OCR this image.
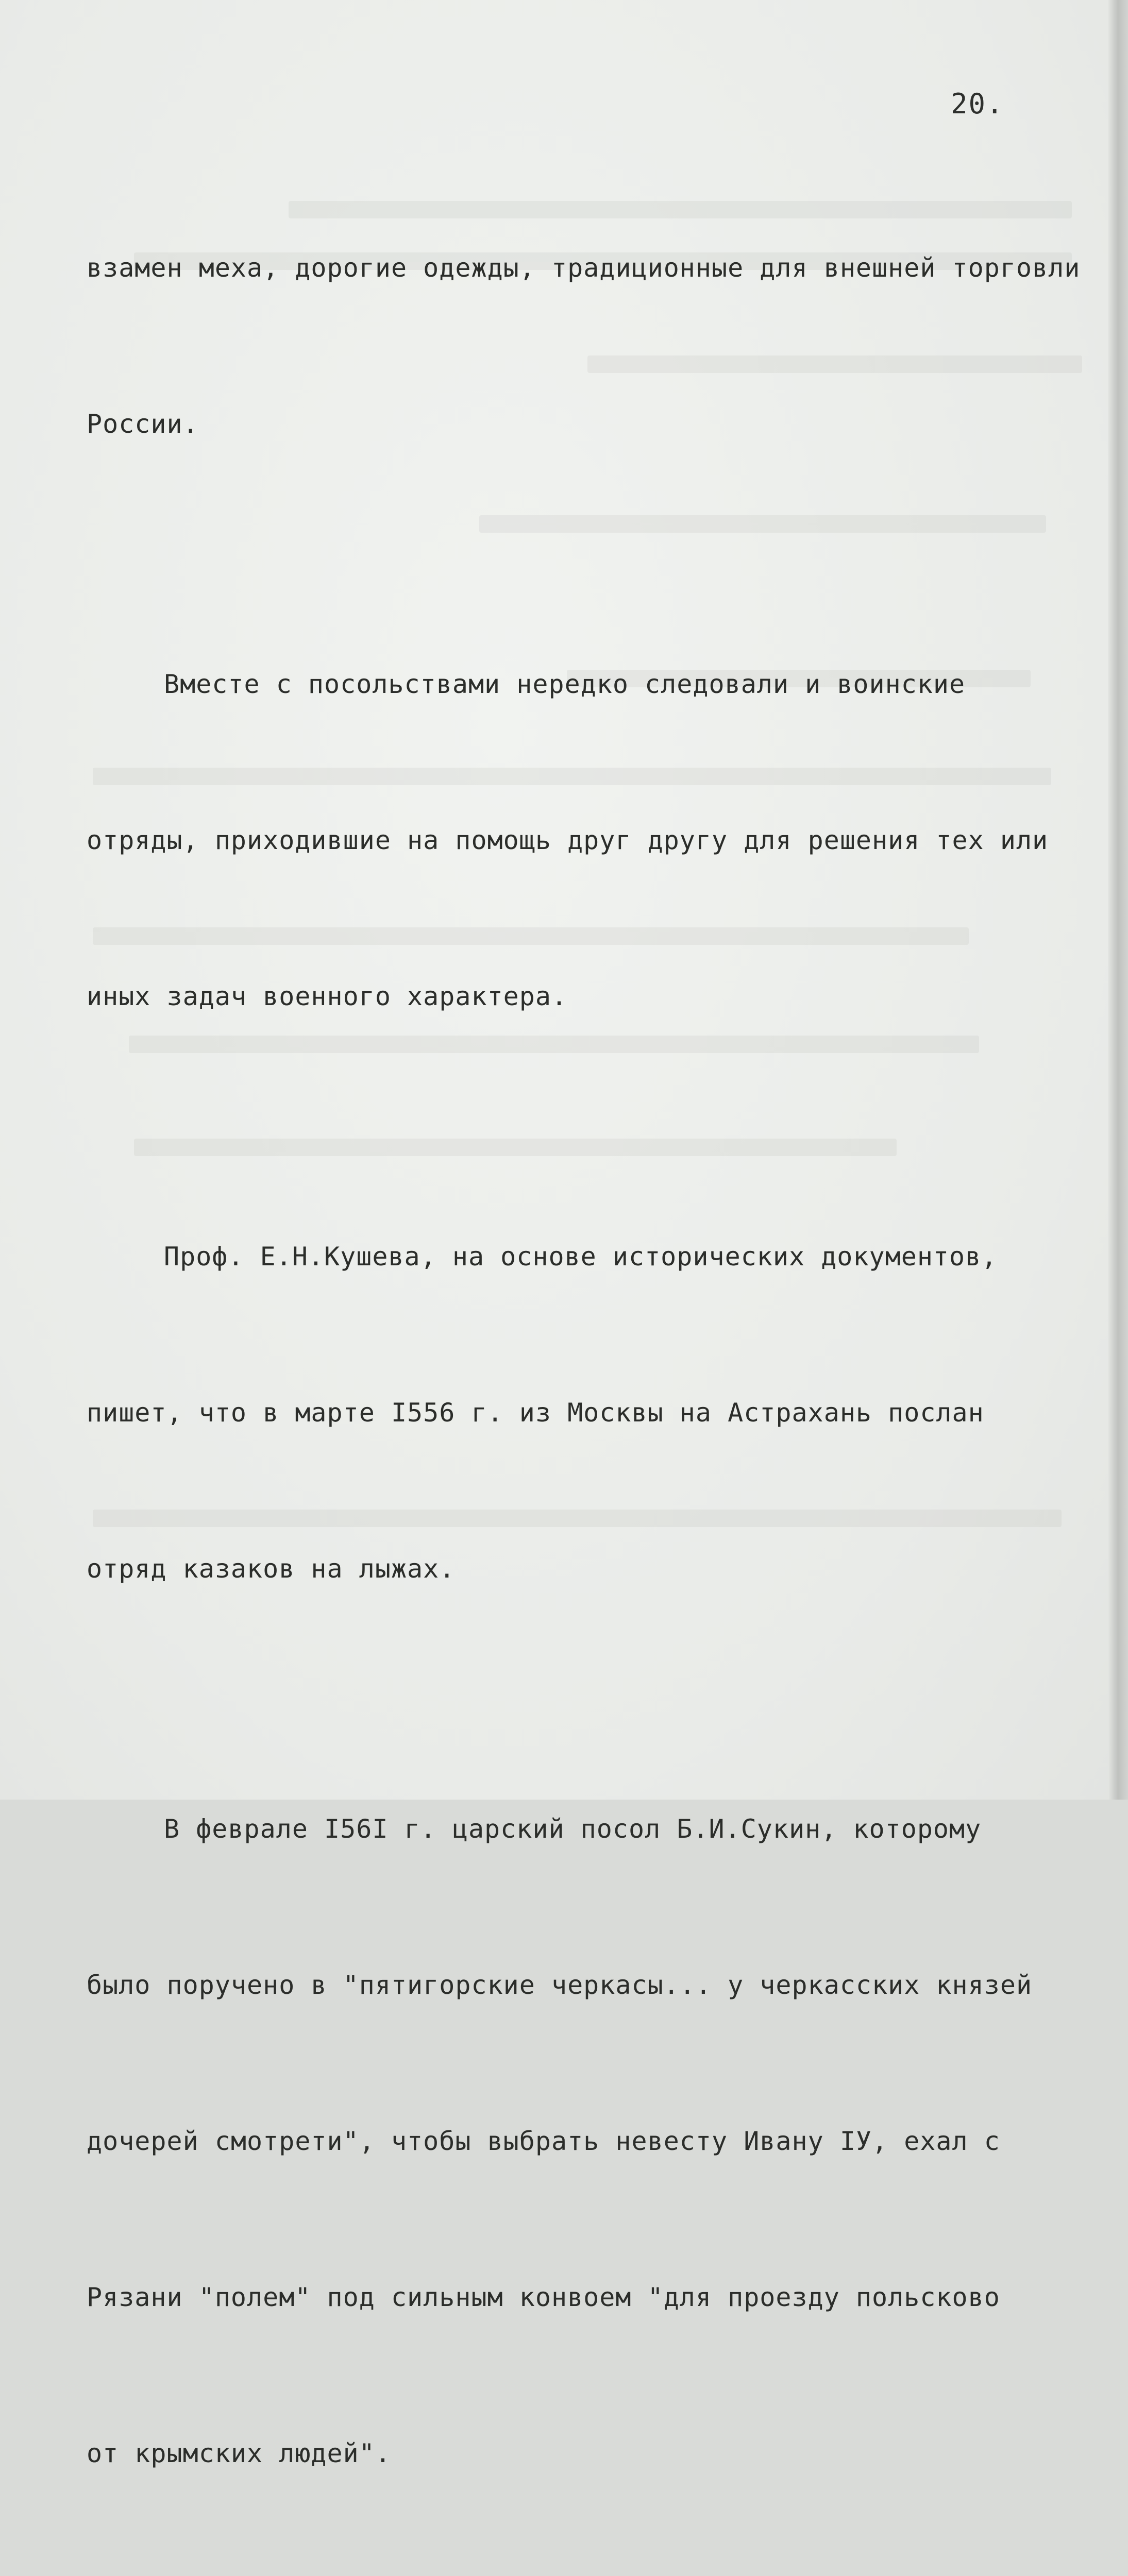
20.

взамен меха, дорогие одежды, традиционные для внешней торговли

России.

Вместе с посольствами нередко следовали и воинские

отряды, приходившие на помощь друг другу для решения тех или

иных задач военного характера.

Проф. Е.Н.Кушева, на основе исторических документов,

пишет, что в марте I556 г. из Москвы на Астрахань послан

отряд казаков на лыжах.

В феврале I56I г. царский посол Б.И.Сукин, которому

было поручено в "пятигорские черкасы... у черкасских князей

дочерей смотрети", чтобы выбрать невесту Ивану IУ, ехал с

Рязани "полем" под сильным конвоем "для проезду польсково

от крымских людей".
